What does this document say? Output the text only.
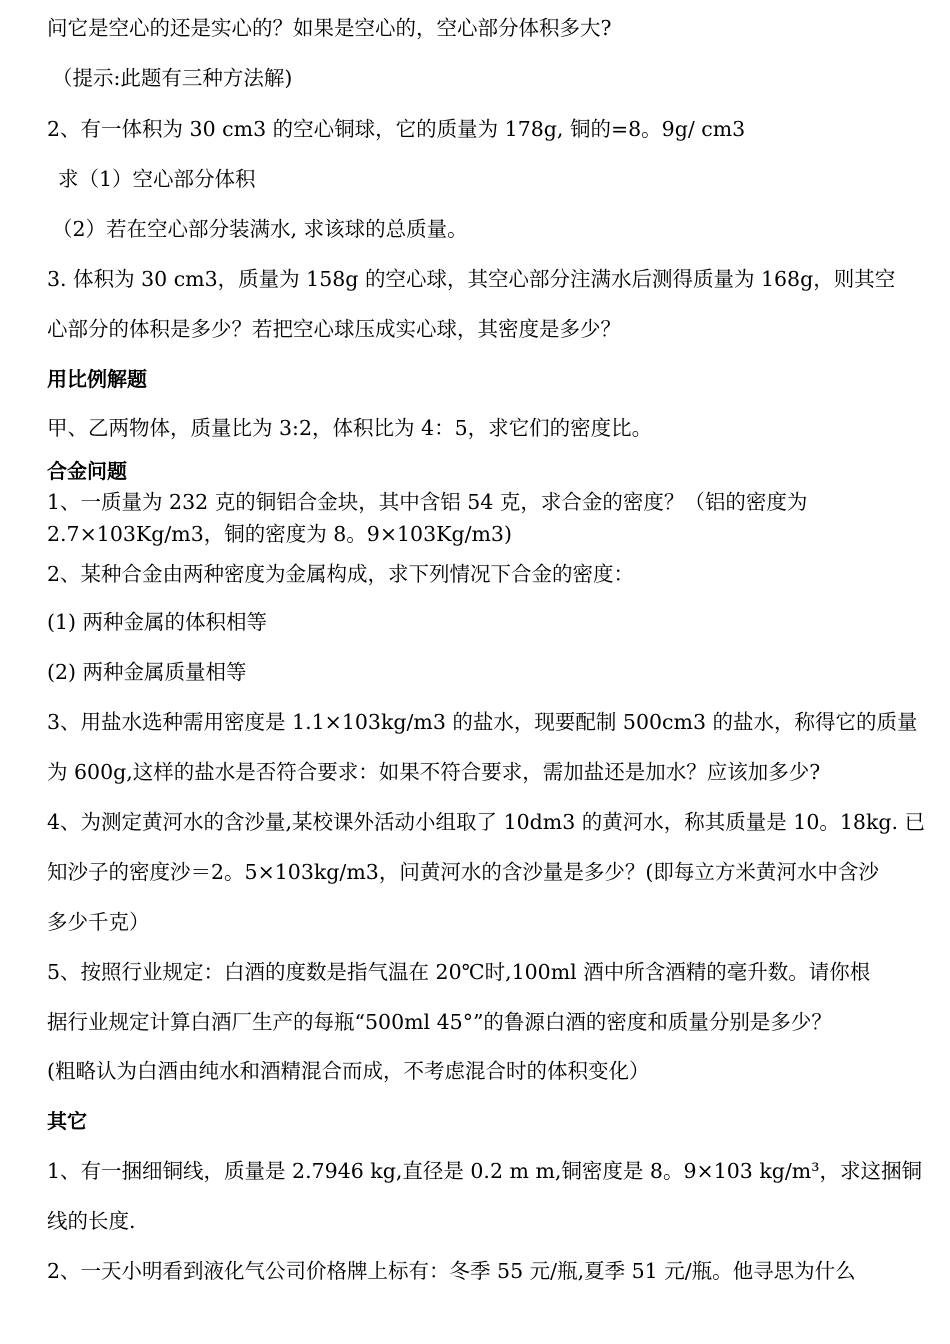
问它是空心的还是实心的？如果是空心的，空心部分体积多大?
（提示:此题有三种方法解)
2、有一体积为 30 cm3 的空心铜球，它的质量为 178g, 铜的=8。9g/ cm3
求（1）空心部分体积
（2）若在空心部分装满水, 求该球的总质量。
3. 体积为 30 cm3，质量为 158g 的空心球，其空心部分注满水后测得质量为 168g，则其空
心部分的体积是多少？若把空心球压成实心球，其密度是多少？
用比例解题
甲、乙两物体，质量比为 3:2，体积比为 4：5，求它们的密度比。
合金问题
1、一质量为 232 克的铜铝合金块，其中含铝 54 克，求合金的密度？（铝的密度为
2.7×103Kg/m3，铜的密度为 8。9×103Kg/m3)
2、某种合金由两种密度为金属构成，求下列情况下合金的密度：
(1) 两种金属的体积相等
(2) 两种金属质量相等
3、用盐水选种需用密度是 1.1×103kg/m3 的盐水，现要配制 500cm3 的盐水，称得它的质量
为 600g,这样的盐水是否符合要求：如果不符合要求，需加盐还是加水？应该加多少?
4、为测定黄河水的含沙量,某校课外活动小组取了 10dm3 的黄河水，称其质量是 10。18kg. 已
知沙子的密度沙＝2。5×103kg/m3，问黄河水的含沙量是多少？(即每立方米黄河水中含沙
多少千克）
5、按照行业规定：白酒的度数是指气温在 20℃时,100ml 酒中所含酒精的毫升数。请你根
据行业规定计算白酒厂生产的每瓶“500ml 45°”的鲁源白酒的密度和质量分别是多少？
(粗略认为白酒由纯水和酒精混合而成，不考虑混合时的体积变化）
其它
1、有一捆细铜线，质量是 2.7946 kg,直径是 0.2 m m,铜密度是 8。9×103 kg/m³，求这捆铜
线的长度.
2、一天小明看到液化气公司价格牌上标有：冬季 55 元/瓶,夏季 51 元/瓶。他寻思为什么
